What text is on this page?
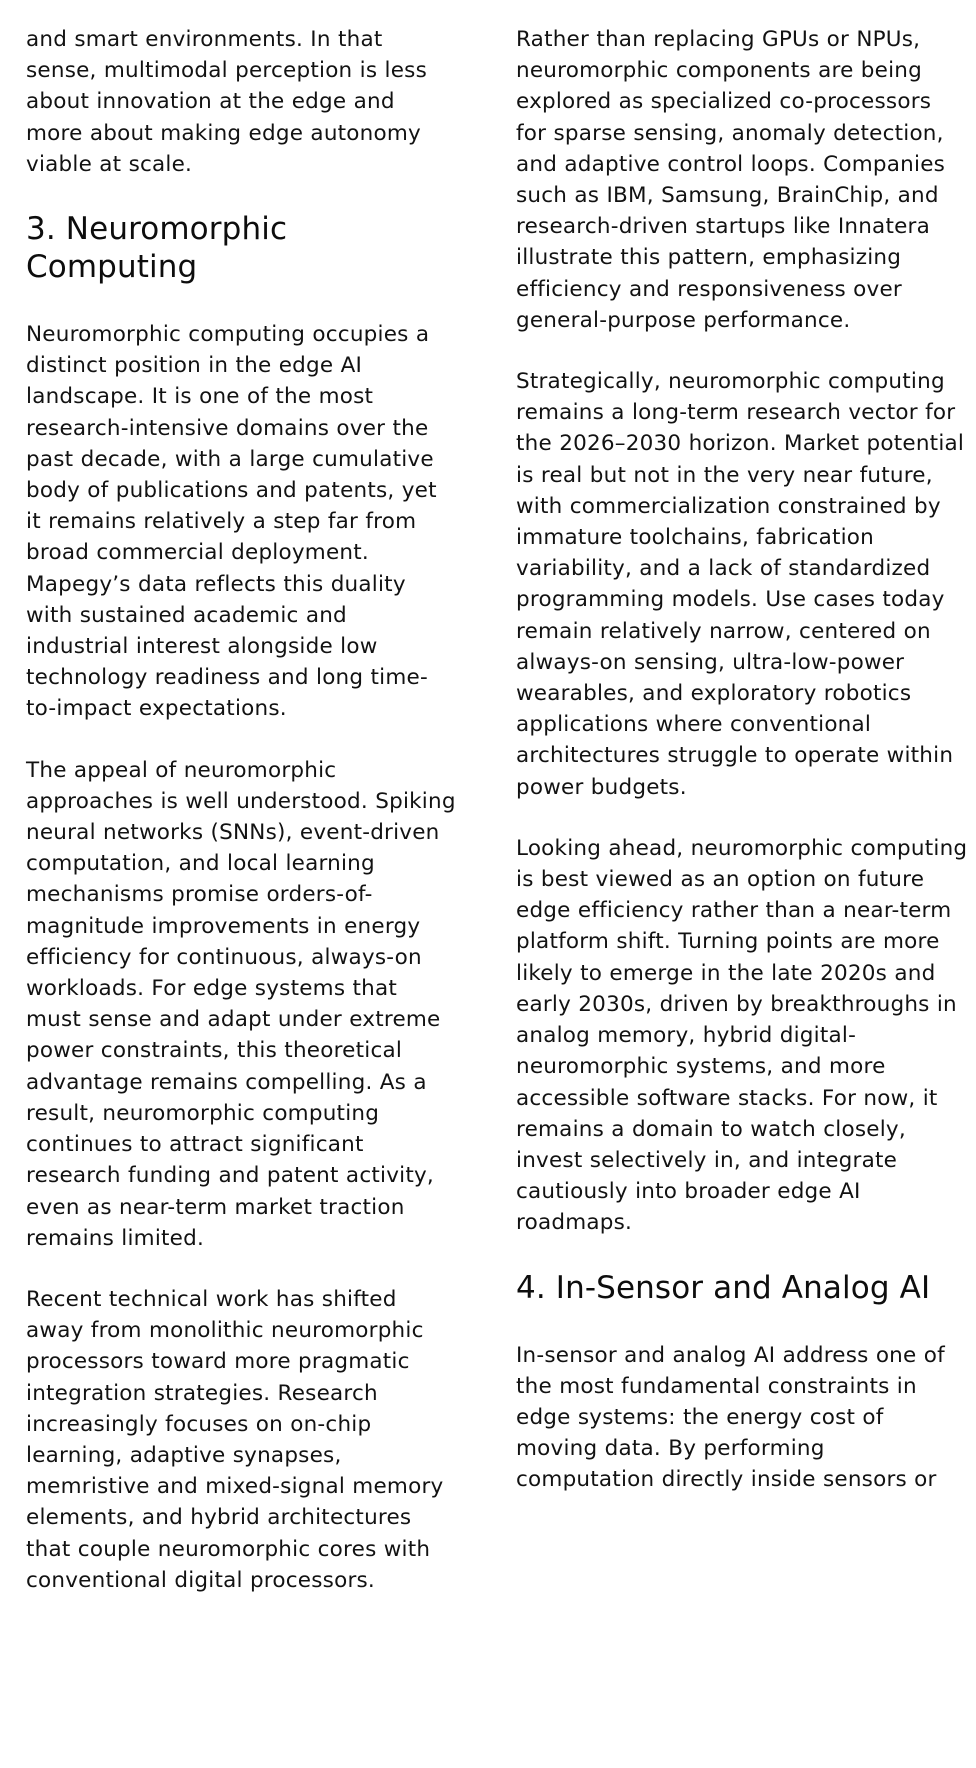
and smart environments. In that sense, multimodal perception is less about innovation at the edge and more about making edge autonomy viable at scale.

3. Neuromorphic Computing

Neuromorphic computing occupies a distinct position in the edge AI landscape. It is one of the most research-intensive domains over the past decade, with a large cumulative body of publications and patents, yet it remains relatively a step far from broad commercial deployment. Mapegy’s data reflects this duality with sustained academic and industrial interest alongside low technology readiness and long time-to-impact expectations.

The appeal of neuromorphic approaches is well understood. Spiking neural networks (SNNs), event-driven computation, and local learning mechanisms promise orders-of-magnitude improvements in energy efficiency for continuous, always-on workloads. For edge systems that must sense and adapt under extreme power constraints, this theoretical advantage remains compelling. As a result, neuromorphic computing continues to attract significant research funding and patent activity, even as near-term market traction remains limited.

Recent technical work has shifted away from monolithic neuromorphic processors toward more pragmatic integration strategies. Research increasingly focuses on on-chip learning, adaptive synapses, memristive and mixed-signal memory elements, and hybrid architectures that couple neuromorphic cores with conventional digital processors.

Rather than replacing GPUs or NPUs, neuromorphic components are being explored as specialized co-processors for sparse sensing, anomaly detection, and adaptive control loops. Companies such as IBM, Samsung, BrainChip, and research-driven startups like Innatera illustrate this pattern, emphasizing efficiency and responsiveness over general-purpose performance.

Strategically, neuromorphic computing remains a long-term research vector for the 2026–2030 horizon. Market potential is real but not in the very near future, with commercialization constrained by immature toolchains, fabrication variability, and a lack of standardized programming models. Use cases today remain relatively narrow, centered on always-on sensing, ultra-low-power wearables, and exploratory robotics applications where conventional architectures struggle to operate within power budgets.

Looking ahead, neuromorphic computing is best viewed as an option on future edge efficiency rather than a near-term platform shift. Turning points are more likely to emerge in the late 2020s and early 2030s, driven by breakthroughs in analog memory, hybrid digital-neuromorphic systems, and more accessible software stacks. For now, it remains a domain to watch closely, invest selectively in, and integrate cautiously into broader edge AI roadmaps.

4. In-Sensor and Analog AI

In-sensor and analog AI address one of the most fundamental constraints in edge systems: the energy cost of moving data. By performing computation directly inside sensors or
